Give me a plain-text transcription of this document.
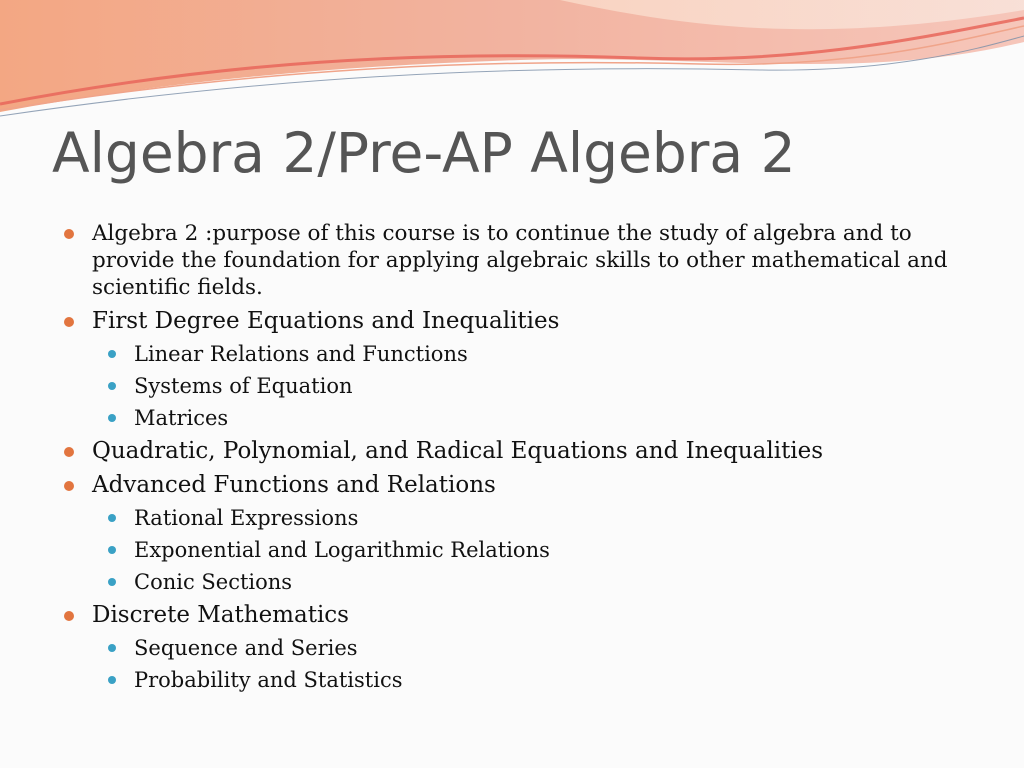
Algebra 2/Pre-AP Algebra 2
Algebra 2 :purpose of this course is to continue the study of algebra and to provide the foundation for applying algebraic skills to other mathematical and scientific fields.
First Degree Equations and Inequalities
Linear Relations and Functions
Systems of Equation
Matrices
Quadratic, Polynomial, and Radical Equations and Inequalities
Advanced Functions and Relations
Rational Expressions
Exponential and Logarithmic Relations
Conic Sections
Discrete Mathematics
Sequence and Series
Probability and Statistics
